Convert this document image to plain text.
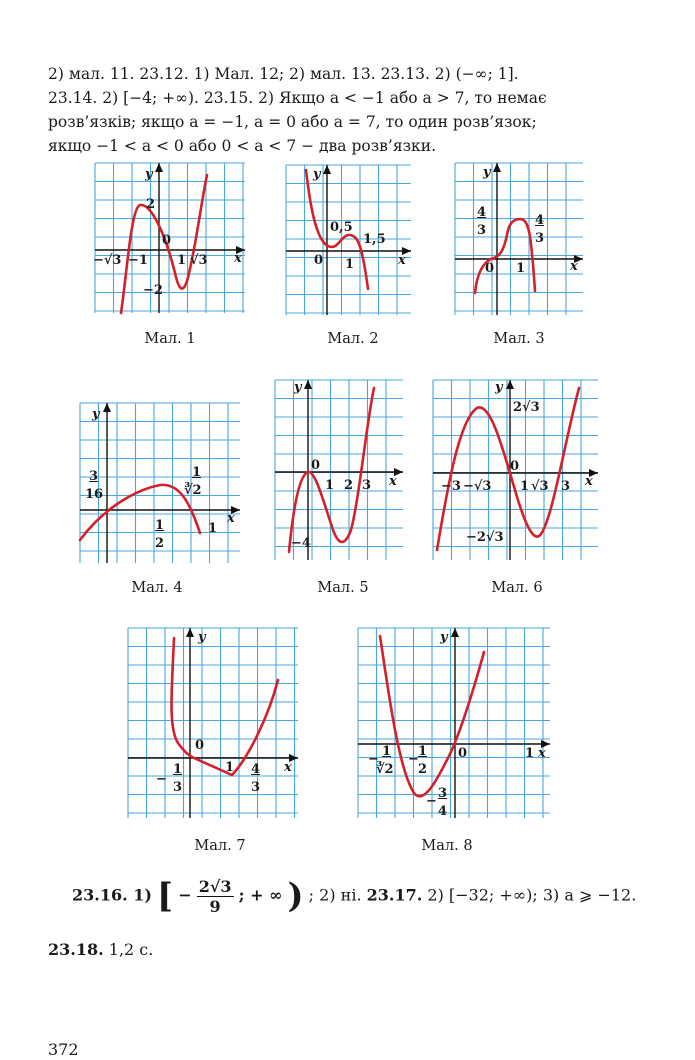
2) мал. 11. 23.12. 1) Мал. 12; 2) мал. 13. 23.13. 2) (−∞; 1].

23.14. 2) [−4; +∞). 23.15. 2) Якщо a < −1 або a > 7, то немає

розв’язків; якщо a = −1, a = 0 або a = 7, то один розв’язок;

якщо −1 < a < 0 або 0 < a < 7 − два розв’язки.

y
x
2
0
−√3 −1 1 √3
−2
Мал. 1
y
x
0,5
1,5
0 1
Мал. 2
y
x
4
3
4
3
0 1
Мал. 3
y
x
3
16
1
∛2
1
2
1
Мал. 4
y
x
0
1 2 3
−4
Мал. 5
y
x
2√3
0
−3 −√3 1 √3 3
−2√3
Мал. 6
y
x
0
1
−
1
3
4
3
Мал. 7
y
x
−
1
∛2
−
1
2
0	1
−
3
4
Мал. 8
23.16. 1) [ − $\frac{2√3}{9}$ ; + ∞ ) ; 2) ні. 23.17. 2) [−32; +∞); 3) a ⩾ −12.
23.18. 1,2 с.
372
